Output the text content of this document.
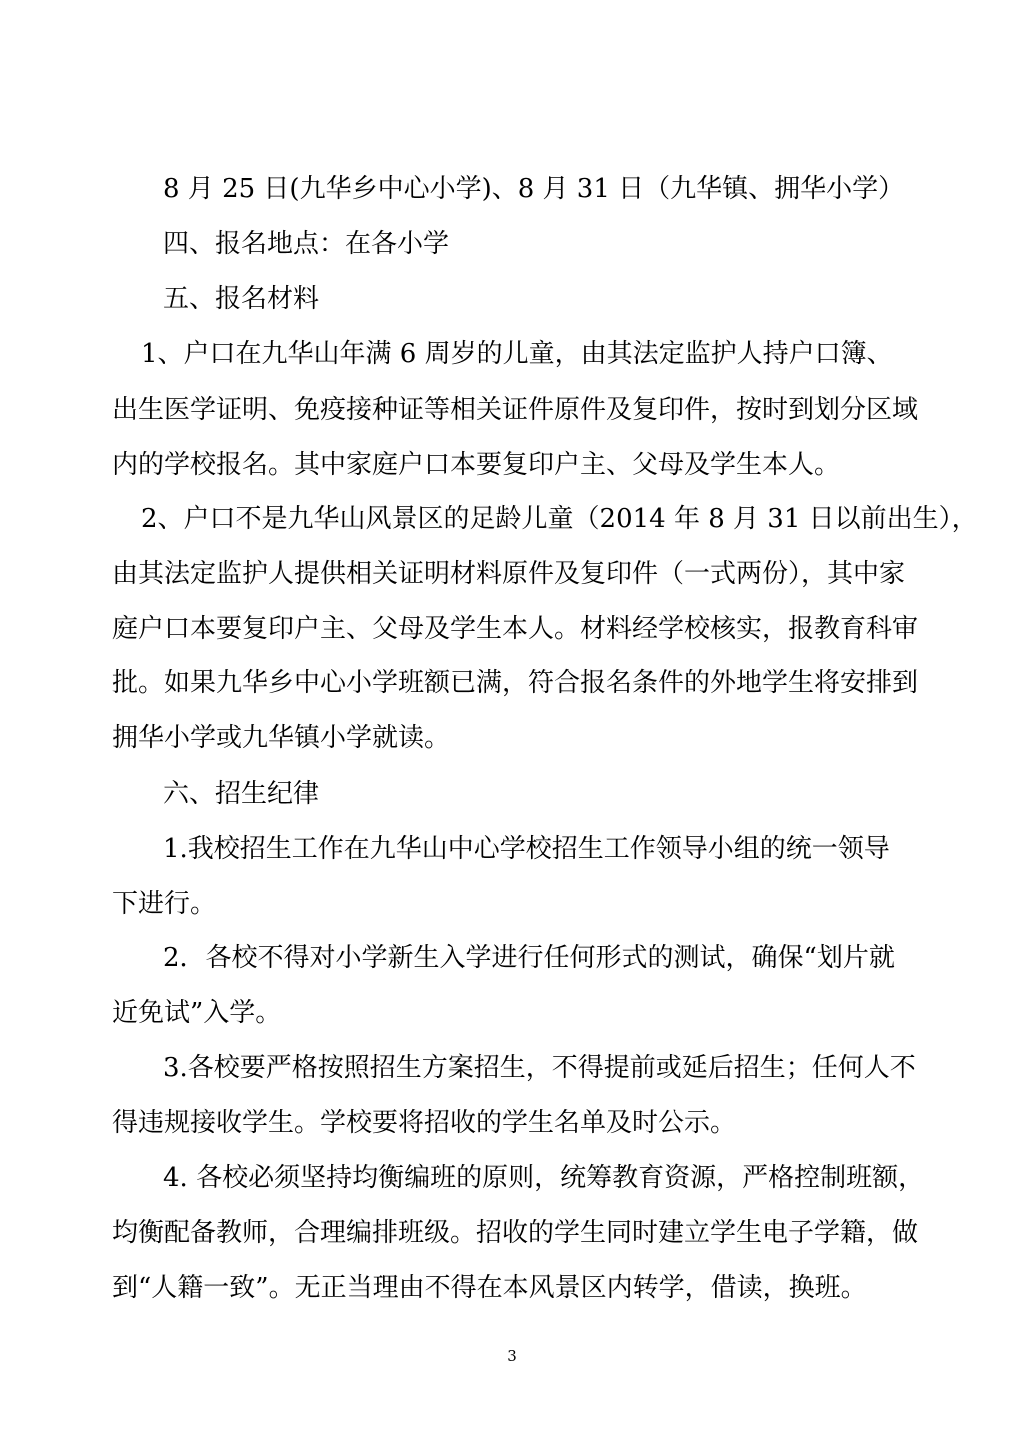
8 月 25 日(九华乡中心小学)、8 月 31 日（九华镇、拥华小学）
四、报名地点：在各小学
五、报名材料
1、户口在九华山年满 6 周岁的儿童，由其法定监护人持户口簿、
出生医学证明、免疫接种证等相关证件原件及复印件，按时到划分区域
内的学校报名。其中家庭户口本要复印户主、父母及学生本人。
2、户口不是九华山风景区的足龄儿童（2014 年 8 月 31 日以前出生），
由其法定监护人提供相关证明材料原件及复印件（一式两份），其中家
庭户口本要复印户主、父母及学生本人。材料经学校核实，报教育科审
批。如果九华乡中心小学班额已满，符合报名条件的外地学生将安排到
拥华小学或九华镇小学就读。
六、招生纪律
1.我校招生工作在九华山中心学校招生工作领导小组的统一领导
下进行。
2．各校不得对小学新生入学进行任何形式的测试，确保“划片就
近免试”入学。
3.各校要严格按照招生方案招生，不得提前或延后招生；任何人不
得违规接收学生。学校要将招收的学生名单及时公示。
4. 各校必须坚持均衡编班的原则，统筹教育资源，严格控制班额，
均衡配备教师，合理编排班级。招收的学生同时建立学生电子学籍，做
到“人籍一致”。无正当理由不得在本风景区内转学，借读，换班。
3
